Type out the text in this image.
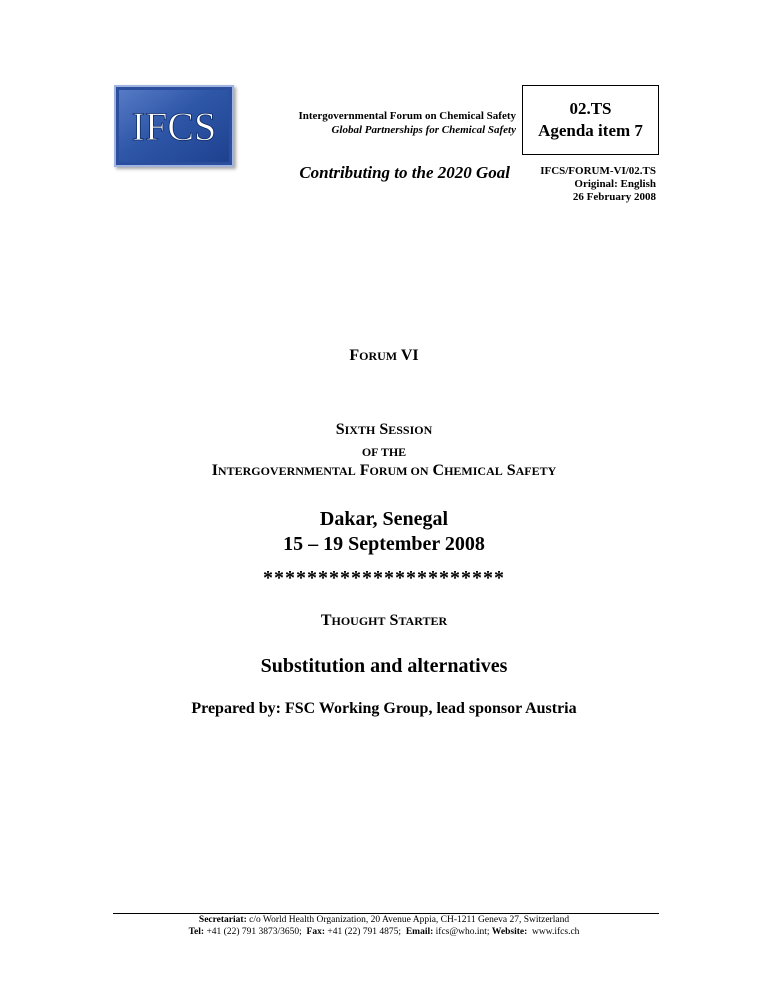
IFCS	Intergovernmental Forum on Chemical Safety
Global Partnerships for Chemical Safety
Contributing to the 2020 Goal
02.TS
Agenda item 7
IFCS/FORUM-VI/02.TS
Original: English
26 February 2008
FORUM VI
SIXTH SESSION
OF THE
INTERGOVERNMENTAL FORUM ON CHEMICAL SAFETY
Dakar, Senegal
15 – 19 September 2008
**********************
THOUGHT STARTER
Substitution and alternatives
Prepared by: FSC Working Group, lead sponsor Austria
Secretariat: c/o World Health Organization, 20 Avenue Appia, CH-1211 Geneva 27, Switzerland
Tel: +41 (22) 791 3873/3650;  Fax: +41 (22) 791 4875;  Email: ifcs@who.int; Website:  www.ifcs.ch
